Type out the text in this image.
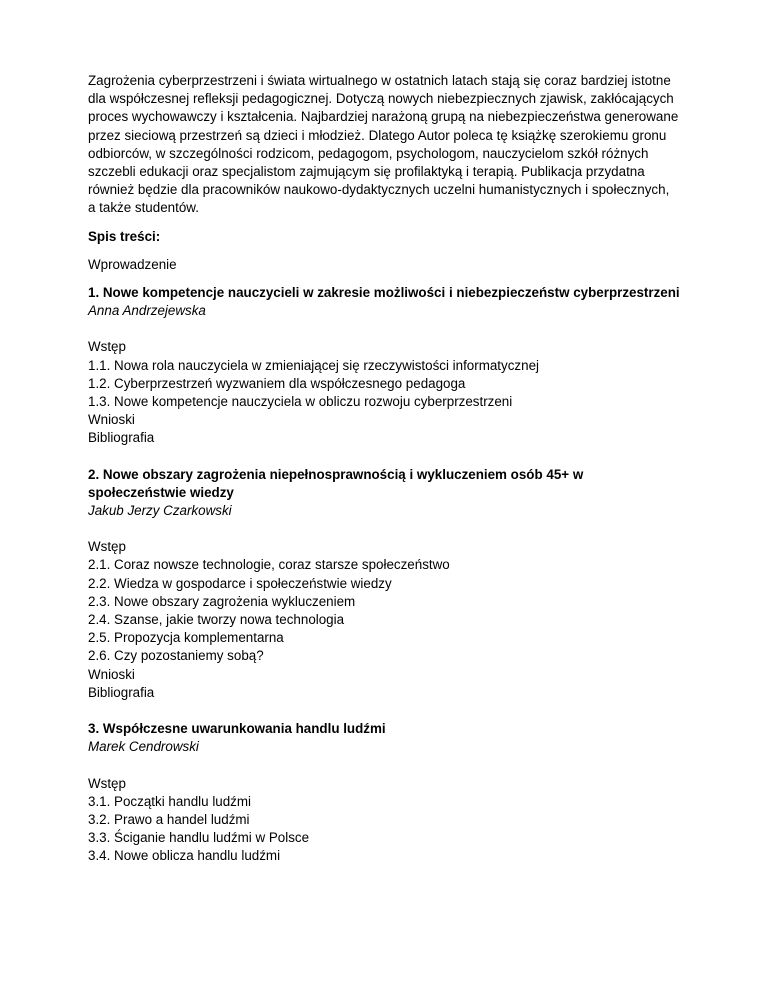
Zagrożenia cyberprzestrzeni i świata wirtualnego w ostatnich latach stają się coraz bardziej istotne dla współczesnej refleksji pedagogicznej. Dotyczą nowych niebezpiecznych zjawisk, zakłócających proces wychowawczy i kształcenia. Najbardziej narażoną grupą na niebezpieczeństwa generowane przez sieciową przestrzeń są dzieci i młodzież. Dlatego Autor poleca tę książkę szerokiemu gronu odbiorców, w szczególności rodzicom, pedagogom, psychologom, nauczycielom szkół różnych szczebli edukacji oraz specjalistom zajmującym się profilaktyką i terapią. Publikacja przydatna również będzie dla pracowników naukowo-dydaktycznych uczelni humanistycznych i społecznych, a także studentów.

Spis treści:

Wprowadzenie

1. Nowe kompetencje nauczycieli w zakresie możliwości i niebezpieczeństw cyberprzestrzeni
Anna Andrzejewska
Wstęp
1.1. Nowa rola nauczyciela w zmieniającej się rzeczywistości informatycznej
1.2. Cyberprzestrzeń wyzwaniem dla współczesnego pedagoga
1.3. Nowe kompetencje nauczyciela w obliczu rozwoju cyberprzestrzeni
Wnioski
Bibliografia
2. Nowe obszary zagrożenia niepełnosprawnością i wykluczeniem osób 45+ w społeczeństwie wiedzy
Jakub Jerzy Czarkowski
Wstęp
2.1. Coraz nowsze technologie, coraz starsze społeczeństwo
2.2. Wiedza w gospodarce i społeczeństwie wiedzy
2.3. Nowe obszary zagrożenia wykluczeniem
2.4. Szanse, jakie tworzy nowa technologia
2.5. Propozycja komplementarna
2.6. Czy pozostaniemy sobą?
Wnioski
Bibliografia
3. Współczesne uwarunkowania handlu ludźmi
Marek Cendrowski
Wstęp
3.1. Początki handlu ludźmi
3.2. Prawo a handel ludźmi
3.3. Ściganie handlu ludźmi w Polsce
3.4. Nowe oblicza handlu ludźmi
